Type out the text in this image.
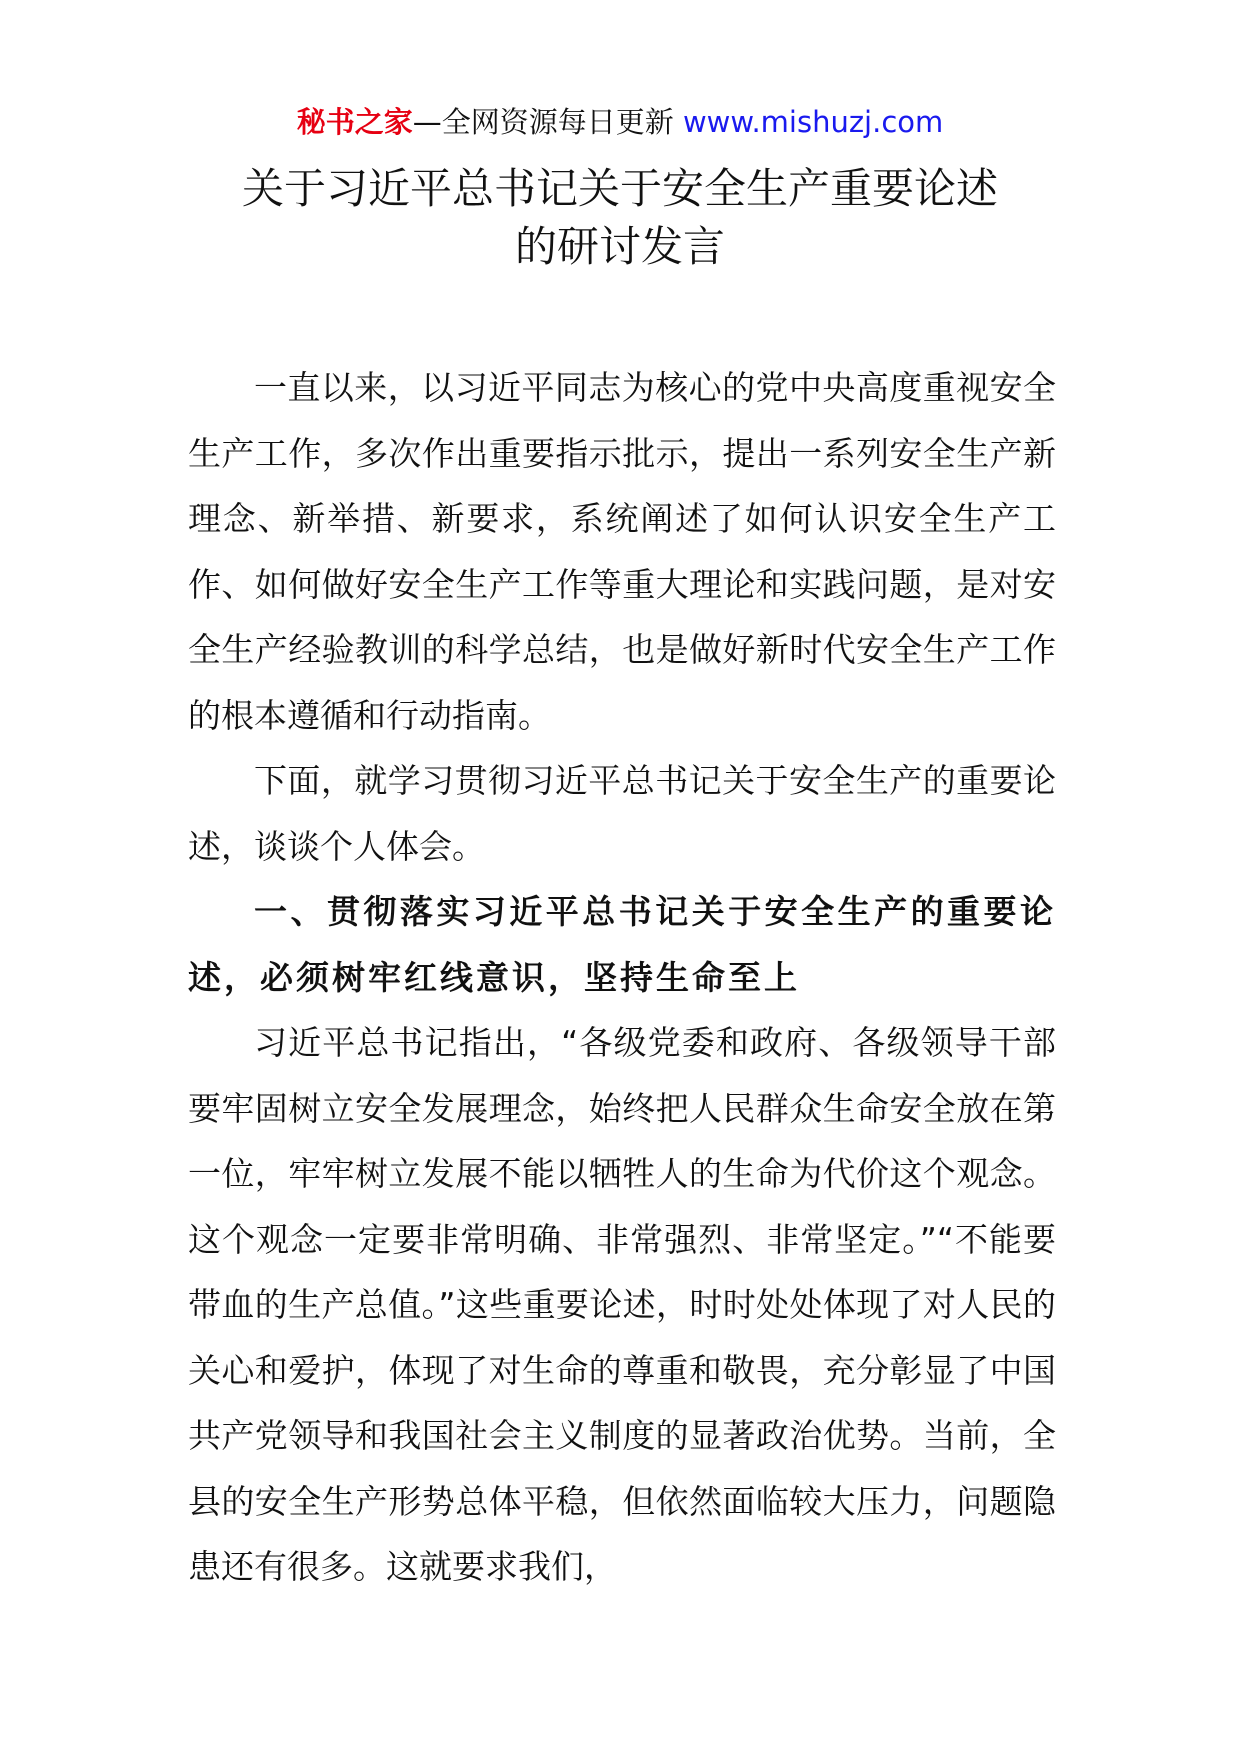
秘书之家—全网资源每日更新 www.mishuzj.com
关于习近平总书记关于安全生产重要论述
的研讨发言

一直以来，以习近平同志为核心的党中央高度重视安全生产工作，多次作出重要指示批示，提出一系列安全生产新理念、新举措、新要求，系统阐述了如何认识安全生产工作、如何做好安全生产工作等重大理论和实践问题，是对安全生产经验教训的科学总结，也是做好新时代安全生产工作的根本遵循和行动指南。

下面，就学习贯彻习近平总书记关于安全生产的重要论述，谈谈个人体会。

一、贯彻落实习近平总书记关于安全生产的重要论述，必须树牢红线意识，坚持生命至上

习近平总书记指出，“各级党委和政府、各级领导干部要牢固树立安全发展理念，始终把人民群众生命安全放在第一位，牢牢树立发展不能以牺牲人的生命为代价这个观念。这个观念一定要非常明确、非常强烈、非常坚定。”“不能要带血的生产总值。”这些重要论述，时时处处体现了对人民的关心和爱护，体现了对生命的尊重和敬畏，充分彰显了中国共产党领导和我国社会主义制度的显著政治优势。当前，全县的安全生产形势总体平稳，但依然面临较大压力，问题隐患还有很多。这就要求我们，
